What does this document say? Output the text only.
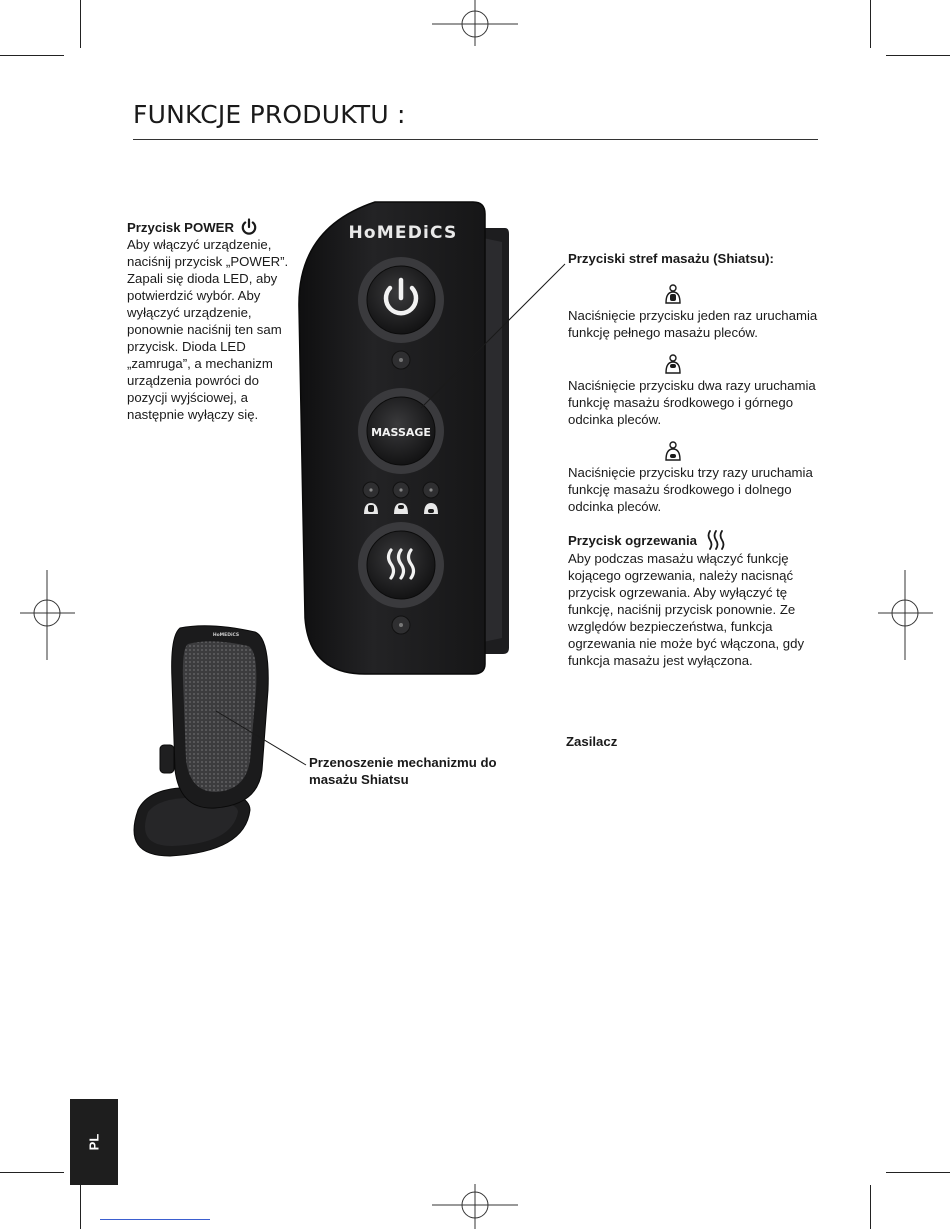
FUNKCJE PRODUKTU :
Przycisk POWER
Aby włączyć urządzenie,
naciśnij przycisk „POWER”.
Zapali się dioda LED, aby
potwierdzić wybór. Aby
wyłączyć urządzenie,
ponownie naciśnij ten sam
przycisk. Dioda LED
„zamruga”, a mechanizm
urządzenia powróci do
pozycji wyjściowej, a
następnie wyłączy się.
HoMEDiCS
MASSAGE
Przyciski stref masażu (Shiatsu):
Naciśnięcie przycisku jeden raz uruchamia
funkcję pełnego masażu pleców.
Naciśnięcie przycisku dwa razy uruchamia
funkcję masażu środkowego i górnego
odcinka pleców.
Naciśnięcie przycisku trzy razy uruchamia
funkcję masażu środkowego i dolnego
odcinka pleców.
Przycisk ogrzewania
Aby podczas masażu włączyć funkcję
kojącego ogrzewania, należy nacisnąć
przycisk ogrzewania. Aby wyłączyć tę
funkcję, naciśnij przycisk ponownie. Ze
względów bezpieczeństwa, funkcja
ogrzewania nie może być włączona, gdy
funkcja masażu jest wyłączona.
Zasilacz
HoMEDiCS
Przenoszenie mechanizmu do
masażu Shiatsu
PL
